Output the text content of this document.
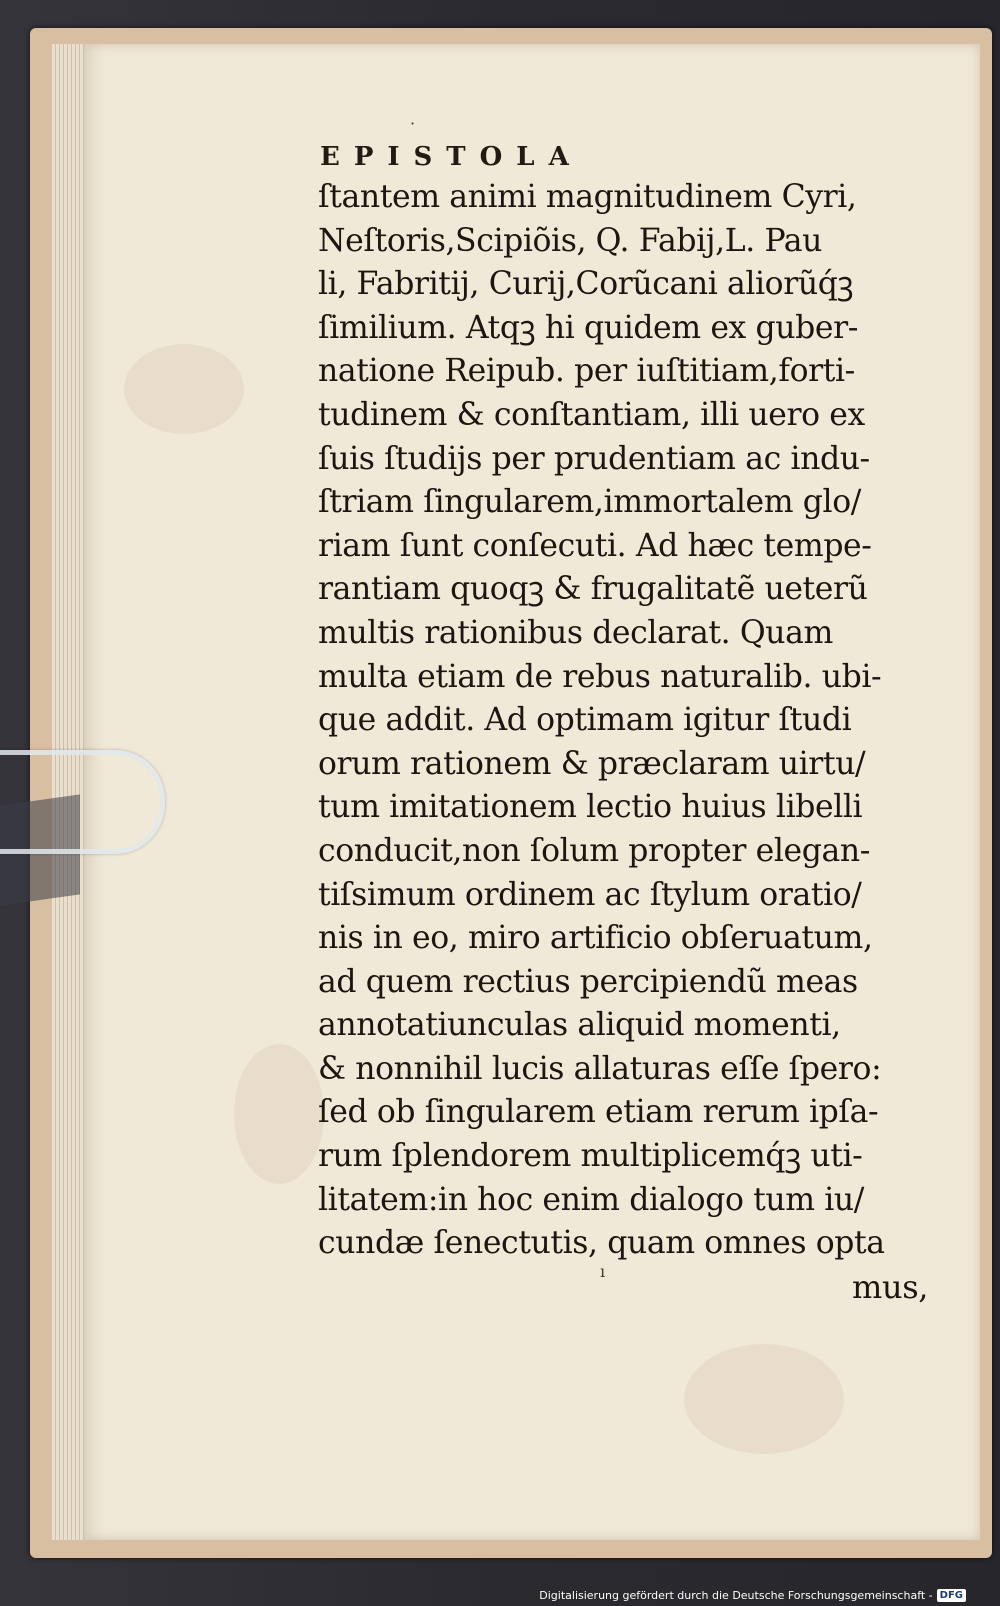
·
ı
EPISTOLA
ſtantem animi magnitudinem Cyri,
Neſtoris,Scipiõis, Q. Fabij,L. Pau
li, Fabritij, Curij,Corũcani aliorũq́ꝫ
ſimilium. Atqꝫ hi quidem ex guber-
natione Reipub. per iuſtitiam,forti-
tudinem & conſtantiam, illi uero ex
ſuis ſtudijs per prudentiam ac indu-
ſtriam ſingularem,immortalem glo/
riam ſunt conſecuti. Ad hæc tempe-
rantiam quoqꝫ & frugalitatẽ ueterũ
multis rationibus declarat. Quam
multa etiam de rebus naturalib. ubi-
que addit. Ad optimam igitur ſtudi
orum rationem & præclaram uirtu/
tum imitationem lectio huius libelli
conducit,non ſolum propter elegan-
tiſsimum ordinem ac ſtylum oratio/
nis in eo, miro artificio obſeruatum,
ad quem rectius percipiendũ meas
annotatiunculas aliquid momenti,
& nonnihil lucis allaturas eſſe ſpero:
ſed ob ſingularem etiam rerum ipſa-
rum ſplendorem multiplicemq́ꝫ uti-
litatem:in hoc enim dialogo tum iu/
cundæ ſenectutis, quam omnes opta
mus,
Digitalisierung gefördert durch die Deutsche Forschungsgemeinschaft - DFG
